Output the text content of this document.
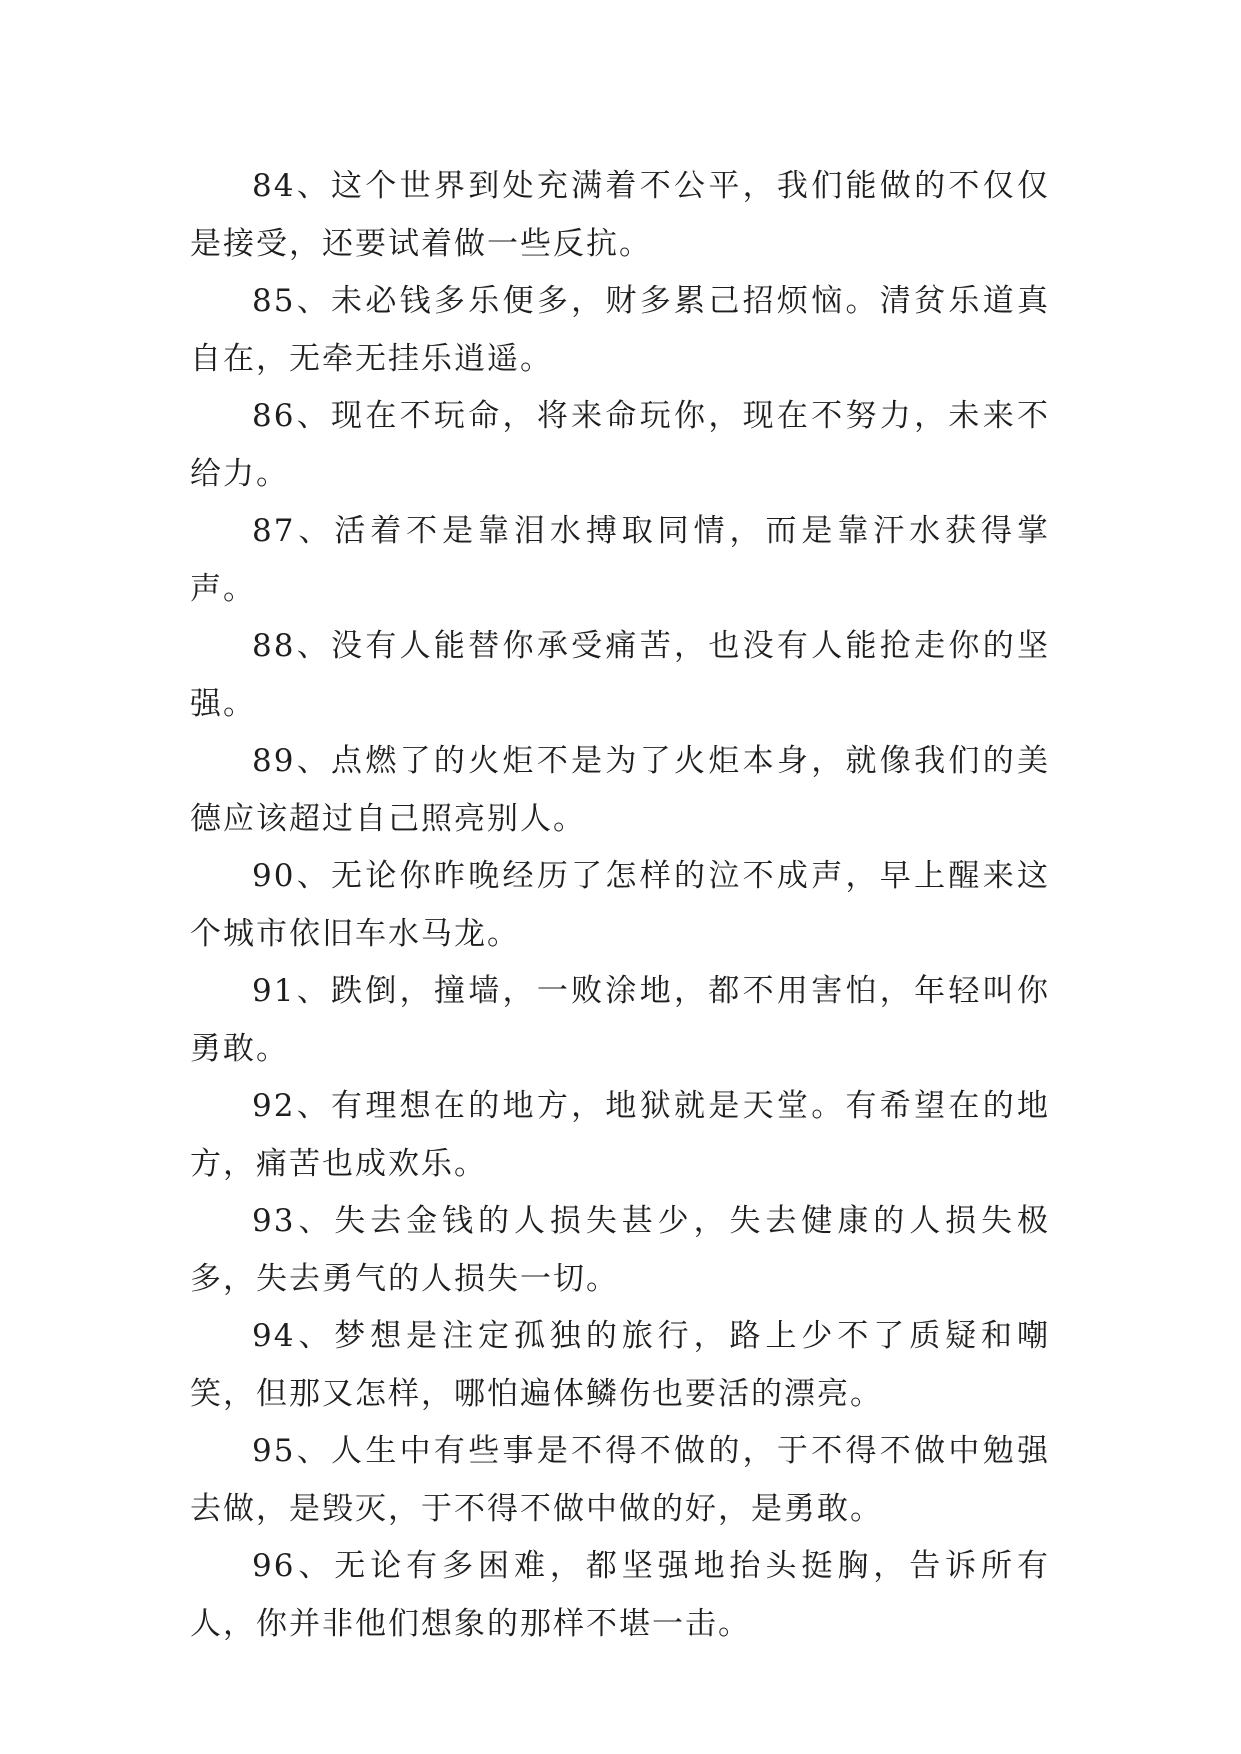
84、这个世界到处充满着不公平，我们能做的不仅仅是接受，还要试着做一些反抗。

85、未必钱多乐便多，财多累己招烦恼。清贫乐道真自在，无牵无挂乐逍遥。

86、现在不玩命，将来命玩你，现在不努力，未来不给力。

87、活着不是靠泪水搏取同情，而是靠汗水获得掌声。

88、没有人能替你承受痛苦，也没有人能抢走你的坚强。

89、点燃了的火炬不是为了火炬本身，就像我们的美德应该超过自己照亮别人。

90、无论你昨晚经历了怎样的泣不成声，早上醒来这个城市依旧车水马龙。

91、跌倒，撞墙，一败涂地，都不用害怕，年轻叫你勇敢。

92、有理想在的地方，地狱就是天堂。有希望在的地方，痛苦也成欢乐。

93、失去金钱的人损失甚少，失去健康的人损失极多，失去勇气的人损失一切。

94、梦想是注定孤独的旅行，路上少不了质疑和嘲笑，但那又怎样，哪怕遍体鳞伤也要活的漂亮。

95、人生中有些事是不得不做的，于不得不做中勉强去做，是毁灭，于不得不做中做的好，是勇敢。

96、无论有多困难，都坚强地抬头挺胸，告诉所有人，你并非他们想象的那样不堪一击。
